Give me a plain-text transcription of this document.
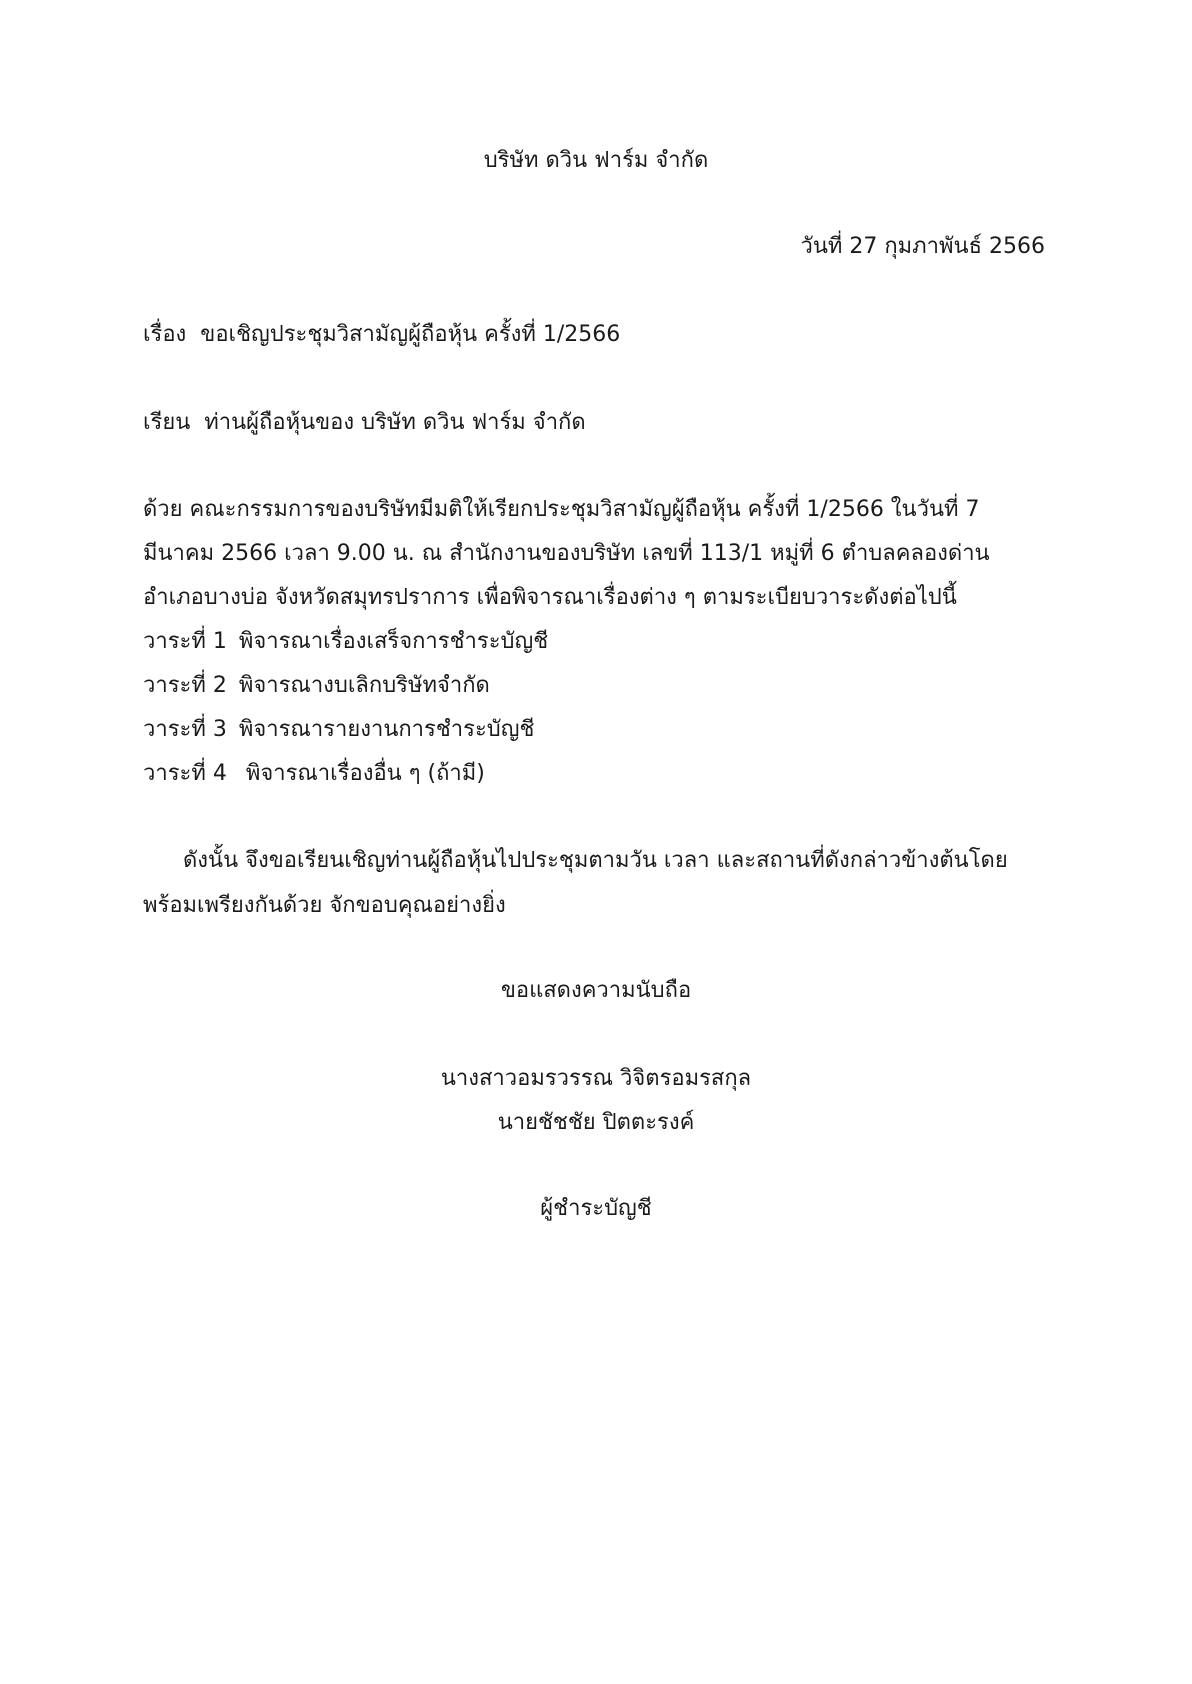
บริษัท ดวิน ฟาร์ม จำกัด
วันที่ 27 กุมภาพันธ์ 2566
เรื่อง ขอเชิญประชุมวิสามัญผู้ถือหุ้น ครั้งที่ 1/2566
เรียน ท่านผู้ถือหุ้นของ บริษัท ดวิน ฟาร์ม จำกัด
ด้วย คณะกรรมการของบริษัทมีมติให้เรียกประชุมวิสามัญผู้ถือหุ้น ครั้งที่ 1/2566 ในวันที่ 7
มีนาคม 2566 เวลา 9.00 น. ณ สำนักงานของบริษัท เลขที่ 113/1 หมู่ที่ 6 ตำบลคลองด่าน
อำเภอบางบ่อ จังหวัดสมุทรปราการ เพื่อพิจารณาเรื่องต่าง ๆ ตามระเบียบวาระดังต่อไปนี้
วาระที่ 1 พิจารณาเรื่องเสร็จการชำระบัญชี
วาระที่ 2 พิจารณางบเลิกบริษัทจำกัด
วาระที่ 3 พิจารณารายงานการชำระบัญชี
วาระที่ 4 พิจารณาเรื่องอื่น ๆ (ถ้ามี)
ดังนั้น จึงขอเรียนเชิญท่านผู้ถือหุ้นไปประชุมตามวัน เวลา และสถานที่ดังกล่าวข้างต้นโดย
พร้อมเพรียงกันด้วย จักขอบคุณอย่างยิ่ง
ขอแสดงความนับถือ
นางสาวอมรวรรณ วิจิตรอมรสกุล
นายชัชชัย ปิตตะรงค์
ผู้ชำระบัญชี
